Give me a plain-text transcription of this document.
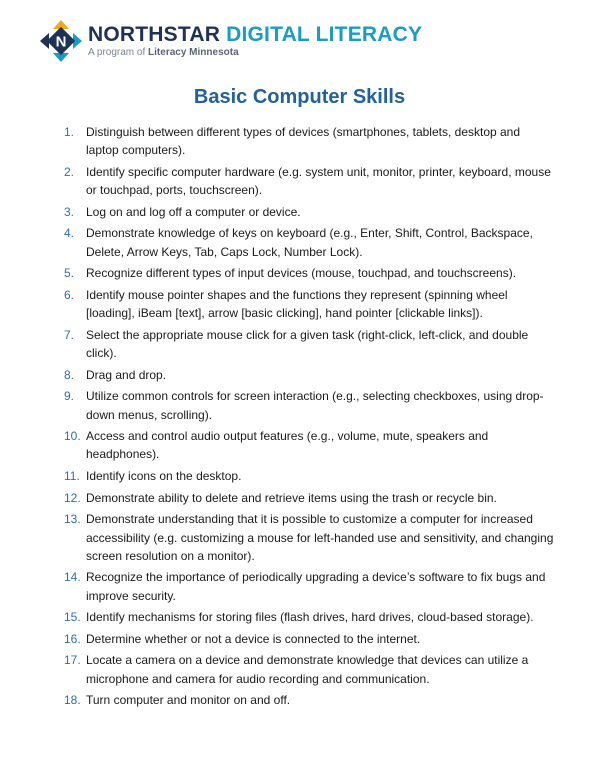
N NORTHSTAR DIGITAL LITERACY
A program of Literacy Minnesota
Basic Computer Skills
1. Distinguish between different types of devices (smartphones, tablets, desktop and laptop computers).
2. Identify specific computer hardware (e.g. system unit, monitor, printer, keyboard, mouse or touchpad, ports, touchscreen).
3. Log on and log off a computer or device.
4. Demonstrate knowledge of keys on keyboard (e.g., Enter, Shift, Control, Backspace, Delete, Arrow Keys, Tab, Caps Lock, Number Lock).
5. Recognize different types of input devices (mouse, touchpad, and touchscreens).
6. Identify mouse pointer shapes and the functions they represent (spinning wheel [loading], iBeam [text], arrow [basic clicking], hand pointer [clickable links]).
7. Select the appropriate mouse click for a given task (right-click, left-click, and double click).
8. Drag and drop.
9. Utilize common controls for screen interaction (e.g., selecting checkboxes, using drop-down menus, scrolling).
10. Access and control audio output features (e.g., volume, mute, speakers and headphones).
11. Identify icons on the desktop.
12. Demonstrate ability to delete and retrieve items using the trash or recycle bin.
13. Demonstrate understanding that it is possible to customize a computer for increased accessibility (e.g. customizing a mouse for left-handed use and sensitivity, and changing screen resolution on a monitor).
14. Recognize the importance of periodically upgrading a device’s software to fix bugs and improve security.
15. Identify mechanisms for storing files (flash drives, hard drives, cloud-based storage).
16. Determine whether or not a device is connected to the internet.
17. Locate a camera on a device and demonstrate knowledge that devices can utilize a microphone and camera for audio recording and communication.
18. Turn computer and monitor on and off.
